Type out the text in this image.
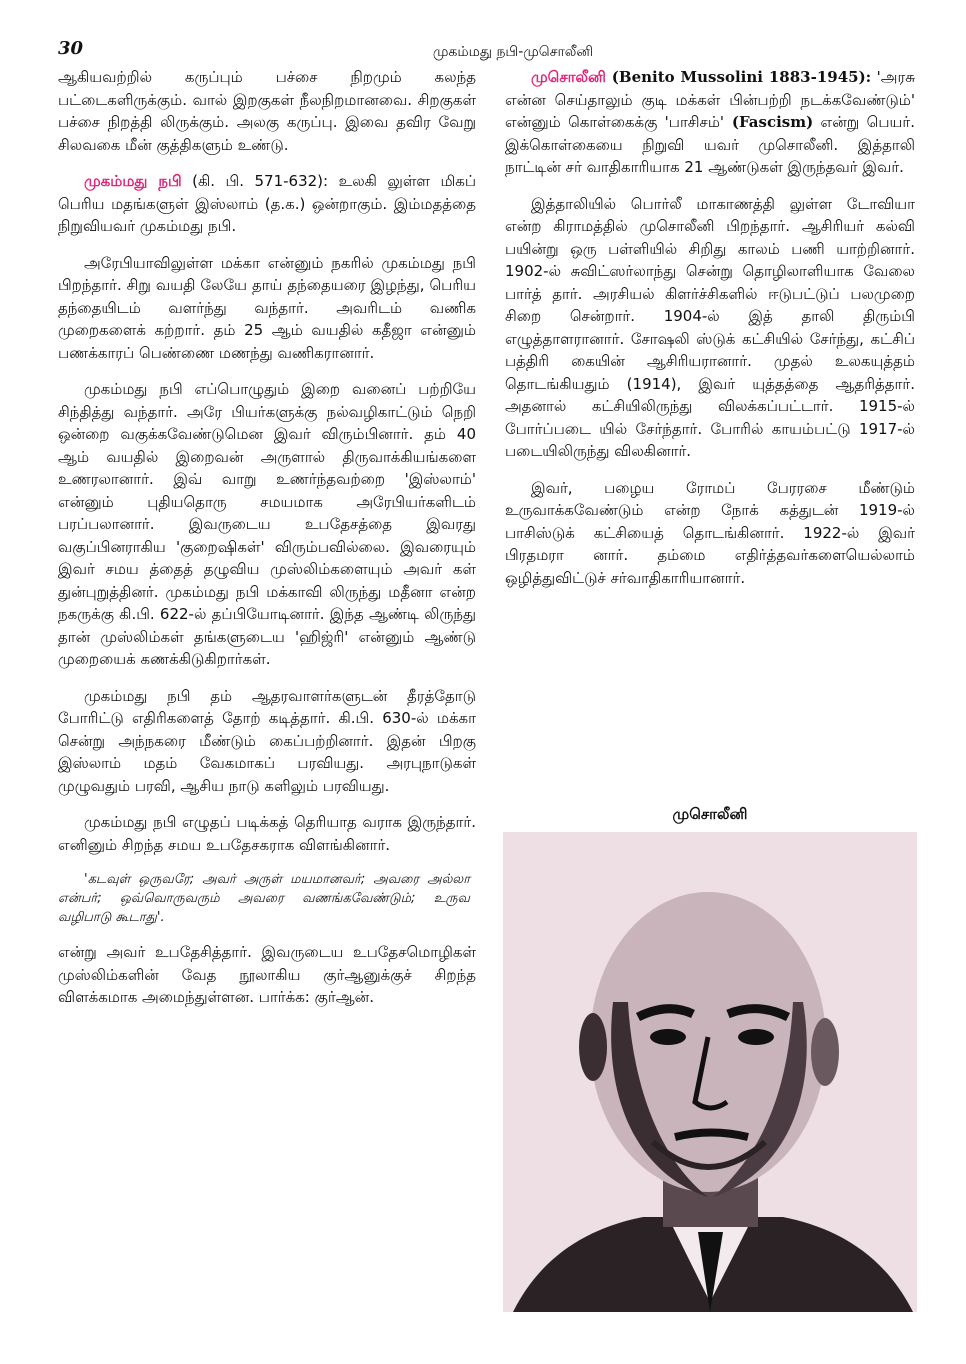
30	முகம்மது நபி-முசொலீனி

ஆகியவற்றில் கருப்பும் பச்சை நிறமும் கலந்த பட்டைகளிருக்கும். வால் இறகுகள் நீலநிறமானவை. சிறகுகள் பச்சை நிறத்தி லிருக்கும். அலகு கருப்பு. இவை தவிர வேறு சிலவகை மீன் குத்திகளும் உண்டு.

முகம்மது நபி (கி. பி. 571-632): உலகி லுள்ள மிகப் பெரிய மதங்களுள் இஸ்லாம் (த.க.) ஒன்றாகும். இம்மதத்தை நிறுவியவர் முகம்மது நபி.

அரேபியாவிலுள்ள மக்கா என்னும் நகரில் முகம்மது நபி பிறந்தார். சிறு வயதி லேயே தாய் தந்தையரை இழந்து, பெரிய தந்தையிடம் வளர்ந்து வந்தார். அவரிடம் வணிக முறைகளைக் கற்றார். தம் 25 ஆம் வயதில் கதீஜா என்னும் பணக்காரப் பெண்ணை மணந்து வணிகரானார்.

முகம்மது நபி எப்பொழுதும் இறை வனைப் பற்றியே சிந்தித்து வந்தார். அரே பியர்களுக்கு நல்வழிகாட்டும் நெறி ஒன்றை வகுக்கவேண்டுமென இவர் விரும்பினார். தம் 40 ஆம் வயதில் இறைவன் அருளால் திருவாக்கியங்களை உணரலானார். இவ் வாறு உணர்ந்தவற்றை 'இஸ்லாம்' என்னும் புதியதொரு சமயமாக அரேபியர்களிடம் பரப்பலானார். இவருடைய உபதேசத்தை இவரது வகுப்பினராகிய 'குறைஷிகள்' விரும்பவில்லை. இவரையும் இவர் சமய த்தைத் தழுவிய முஸ்லிம்களையும் அவர் கள் துன்புறுத்தினர். முகம்மது நபி மக்காவி லிருந்து மதீனா என்ற நகருக்கு கி.பி. 622-ல் தப்பியோடினார். இந்த ஆண்டி லிருந்து தான் முஸ்லிம்கள் தங்களுடைய 'ஹிஜ்ரி' என்னும் ஆண்டு முறையைக் கணக்கிடுகிறார்கள்.

முகம்மது நபி தம் ஆதரவாளர்களுடன் தீரத்தோடு போரிட்டு எதிரிகளைத் தோற் கடித்தார். கி.பி. 630-ல் மக்கா சென்று அந்நகரை மீண்டும் கைப்பற்றினார். இதன் பிறகு இஸ்லாம் மதம் வேகமாகப் பரவியது. அரபுநாடுகள் முழுவதும் பரவி, ஆசிய நாடு களிலும் பரவியது.

முகம்மது நபி எழுதப் படிக்கத் தெரியாத வராக இருந்தார். எனினும் சிறந்த சமய உபதேசகராக விளங்கினார்.

'கடவுள் ஒருவரே; அவர் அருள் மயமானவர்; அவரை அல்லா என்பர்; ஒவ்வொருவரும் அவரை வணங்கவேண்டும்; உருவ வழிபாடு கூடாது'.

என்று அவர் உபதேசித்தார். இவருடைய உபதேசமொழிகள் முஸ்லிம்களின் வேத நூலாகிய குர்ஆனுக்குச் சிறந்த விளக்கமாக அமைந்துள்ளன. பார்க்க: குர்ஆன்.

முசொலீனி (Benito Mussolini 1883-1945): 'அரசு என்ன செய்தாலும் குடி மக்கள் பின்பற்றி நடக்கவேண்டும்' என்னும் கொள்கைக்கு 'பாசிசம்' (Fascism) என்று பெயர். இக்கொள்கையை நிறுவி யவர் முசொலீனி. இத்தாலி நாட்டின் சர் வாதிகாரியாக 21 ஆண்டுகள் இருந்தவர் இவர்.

இத்தாலியில் பொர்லீ மாகாணத்தி லுள்ள டோவியா என்ற கிராமத்தில் முசொலீனி பிறந்தார். ஆசிரியர் கல்வி பயின்று ஒரு பள்ளியில் சிறிது காலம் பணி யாற்றினார். 1902-ல் சுவிட்ஸர்லாந்து சென்று தொழிலாளியாக வேலை பார்த் தார். அரசியல் கிளர்ச்சிகளில் ஈடுபட்டுப் பலமுறை சிறை சென்றார். 1904-ல் இத் தாலி திரும்பி எழுத்தாளரானார். சோஷலி ஸ்டுக் கட்சியில் சேர்ந்து, கட்சிப் பத்திரி கையின் ஆசிரியரானார். முதல் உலகயுத்தம் தொடங்கியதும் (1914), இவர் யுத்தத்தை ஆதரித்தார். அதனால் கட்சியிலிருந்து விலக்கப்பட்டார். 1915-ல் போர்ப்படை யில் சேர்ந்தார். போரில் காயம்பட்டு 1917-ல் படையிலிருந்து விலகினார்.

இவர், பழைய ரோமப் பேரரசை மீண்டும் உருவாக்கவேண்டும் என்ற நோக் கத்துடன் 1919-ல் பாசிஸ்டுக் கட்சியைத் தொடங்கினார். 1922-ல் இவர் பிரதமரா னார். தம்மை எதிர்த்தவர்களையெல்லாம் ஒழித்துவிட்டுச் சர்வாதிகாரியானார்.

முசொலீனி
